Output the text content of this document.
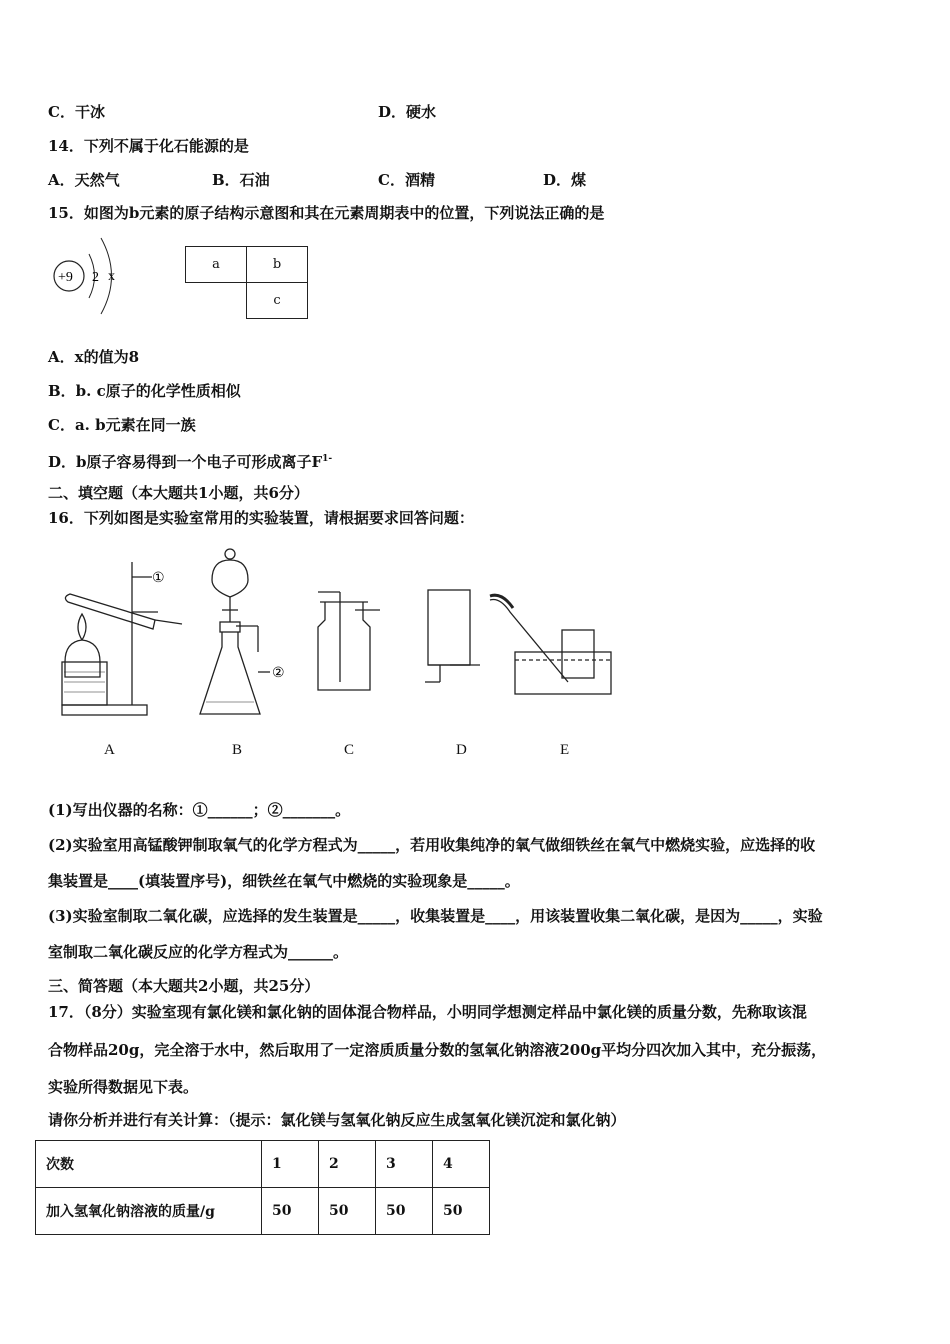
C．干冰	D．硬水
14．下列不属于化石能源的是
A．天然气	B．石油	C．酒精	D．煤
15．如图为b元素的原子结构示意图和其在元素周期表中的位置，下列说法正确的是
+9 2 x
a	b
	c
A．x的值为8
B．b. c原子的化学性质相似
C．a. b元素在同一族
D．b原子容易得到一个电子可形成离子$F^{1-}$
二、填空题（本大题共1小题，共6分）
16．下列如图是实验室常用的实验装置，请根据要求回答问题：
①
②
A	B	C	D	E
(1)写出仪器的名称：①______；②_______。
(2)实验室用高锰酸钾制取氧气的化学方程式为_____，若用收集纯净的氧气做细铁丝在氧气中燃烧实验，应选择的收
集装置是____(填装置序号)，细铁丝在氧气中燃烧的实验现象是_____。
(3)实验室制取二氧化碳，应选择的发生装置是_____，收集装置是____，用该装置收集二氧化碳，是因为_____，实验
室制取二氧化碳反应的化学方程式为______。
三、简答题（本大题共2小题，共25分）
17．（8分）实验室现有氯化镁和氯化钠的固体混合物样品，小明同学想测定样品中氯化镁的质量分数，先称取该混
合物样品20g，完全溶于水中，然后取用了一定溶质质量分数的氢氧化钠溶液200g平均分四次加入其中，充分振荡，
实验所得数据见下表。
请你分析并进行有关计算：（提示：氯化镁与氢氧化钠反应生成氢氧化镁沉淀和氯化钠）
次数	1	2	3	4
加入氢氧化钠溶液的质量/g	50	50	50	50
